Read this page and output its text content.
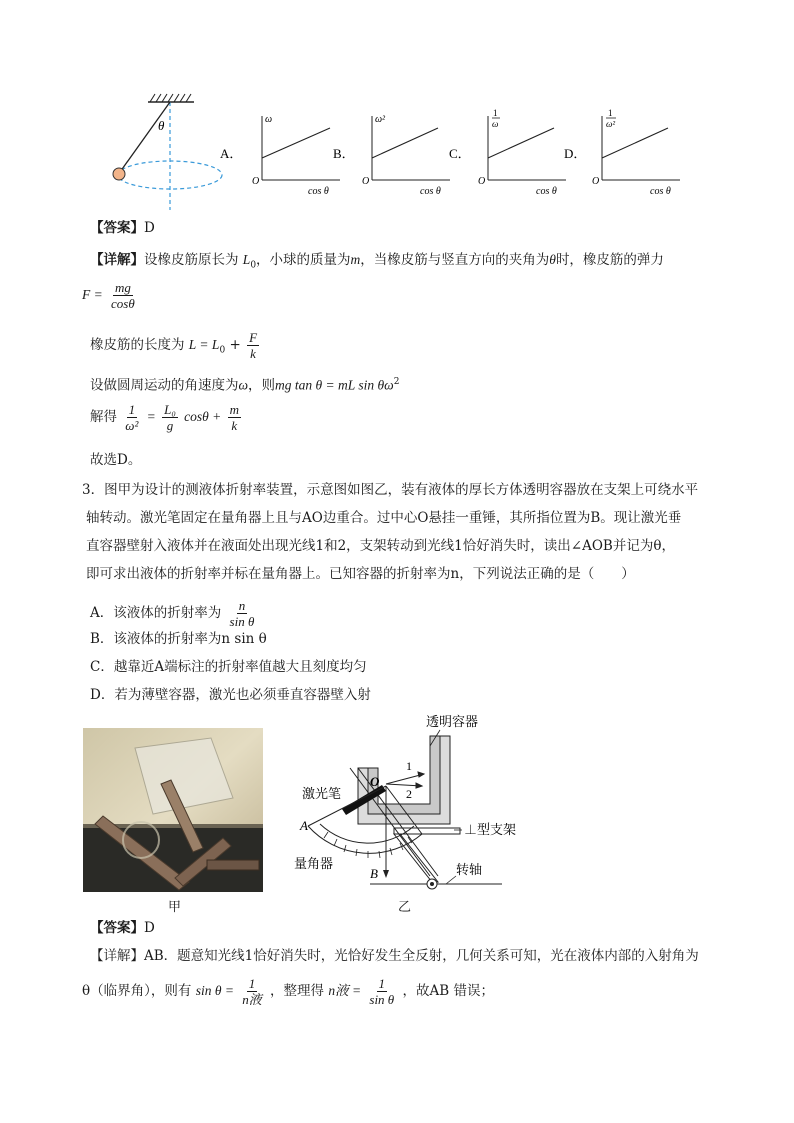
θ
A．
ω
O
cos θ
B．
ω²
O
cos θ
C．
1
ω
O
cos θ
D．
1
ω²
O
cos θ
【答案】D
【详解】设橡皮筋原长为 $L_0$，小球的质量为m，当橡皮筋与竖直方向的夹角为θ时，橡皮筋的弹力
$F = \frac{mg}{\cos\theta}$
橡皮筋的长度为 $L = L_0 + \frac{F}{k}$
设做圆周运动的角速度为ω，则mg tan θ = mL $\sin \theta\omega^2$
解得 $\frac{1}{\text{ω²}} = \frac{\text{L₀}}{g}$ $\cos\theta + \frac{m}{k}$
故选D。
3．图甲为设计的测液体折射率装置，示意图如图乙，装有液体的厚长方体透明容器放在支架上可绕水平
轴转动。激光笔固定在量角器上且与AO边重合。过中心O悬挂一重锤，其所指位置为B。现让激光垂
直容器壁射入液体并在液面处出现光线1和2，支架转动到光线1恰好消失时，读出∠AOB并记为θ，
即可求出液体的折射率并标在量角器上。已知容器的折射率为n，下列说法正确的是（　　）
A．该液体的折射率为 $\frac{n}{\text{sin θ}}$
B．该液体的折射率为n sin θ
C．越靠近A端标注的折射率值越大且刻度均匀
D．若为薄壁容器，激光也必须垂直容器壁入射
甲
透明容器
激光笔
O
1
2
A
B
量角器
⊥型支架
转轴
乙
【答案】D
【详解】AB．题意知光线1恰好消失时，光恰好发生全反射，几何关系可知，光在液体内部的入射角为
θ（临界角），则有 $\sin \theta = \frac{1}{\text{n液}}$ ，整理得 n液 = $\frac{1}{\text{sin θ}}$ ，故AB 错误；
